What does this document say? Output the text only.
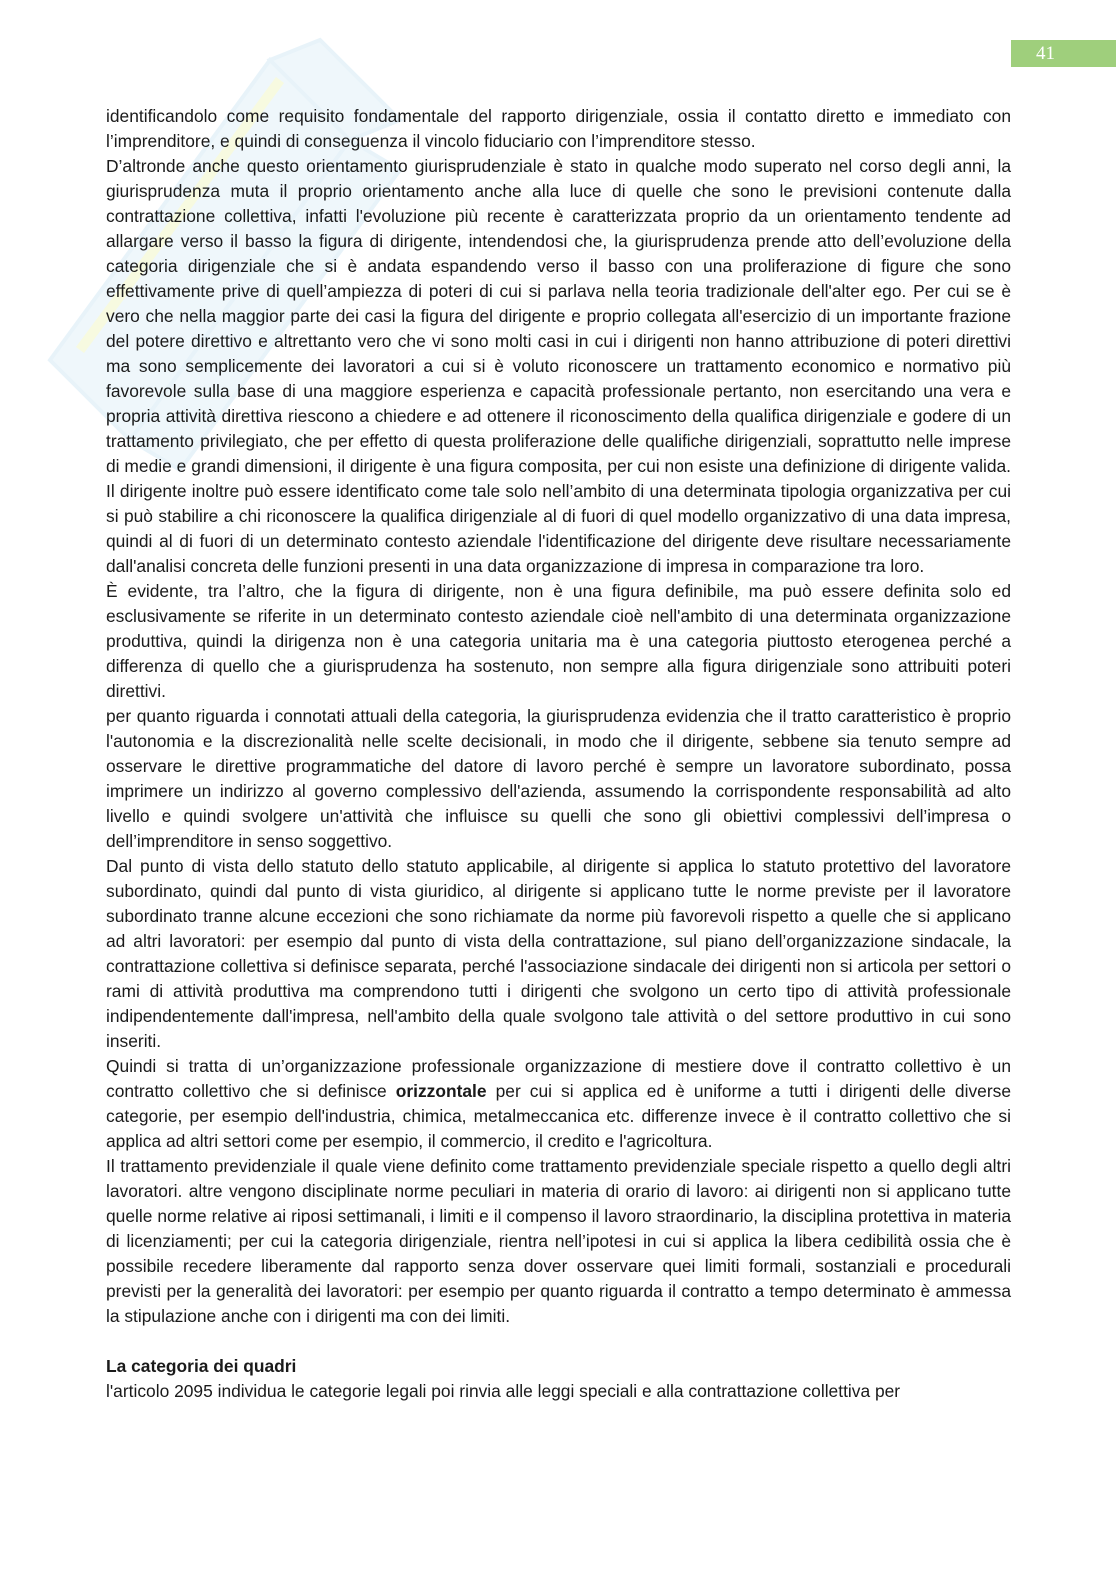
41

identificandolo come requisito fondamentale del rapporto dirigenziale, ossia il contatto diretto e immediato con l’imprenditore, e quindi di conseguenza il vincolo fiduciario con l’imprenditore stesso.

D’altronde anche questo orientamento giurisprudenziale è stato in qualche modo superato nel corso degli anni, la giurisprudenza muta il proprio orientamento anche alla luce di quelle che sono le previsioni contenute dalla contrattazione collettiva, infatti l'evoluzione più recente è caratterizzata proprio da un orientamento tendente ad allargare verso il basso la figura di dirigente, intendendosi che, la giurisprudenza prende atto dell’evoluzione della categoria dirigenziale che si è andata espandendo verso il basso con una proliferazione di figure che sono effettivamente prive di quell’ampiezza di poteri di cui si parlava nella teoria tradizionale dell'alter ego. Per cui se è vero che nella maggior parte dei casi la figura del dirigente e proprio collegata all'esercizio di un importante frazione del potere direttivo e altrettanto vero che vi sono molti casi in cui i dirigenti non hanno attribuzione di poteri direttivi ma sono semplicemente dei lavoratori a cui si è voluto riconoscere un trattamento economico e normativo più favorevole sulla base di una maggiore esperienza e capacità professionale pertanto, non esercitando una vera e propria attività direttiva riescono a chiedere e ad ottenere il riconoscimento della qualifica dirigenziale e godere di un trattamento privilegiato, che per effetto di questa proliferazione delle qualifiche dirigenziali, soprattutto nelle imprese di medie e grandi dimensioni, il dirigente è una figura composita, per cui non esiste una definizione di dirigente valida. Il dirigente inoltre può essere identificato come tale solo nell’ambito di una determinata tipologia organizzativa per cui si può stabilire a chi riconoscere la qualifica dirigenziale al di fuori di quel modello organizzativo di una data impresa, quindi al di fuori di un determinato contesto aziendale l'identificazione del dirigente deve risultare necessariamente dall'analisi concreta delle funzioni presenti in una data organizzazione di impresa in comparazione tra loro.

È evidente, tra l’altro, che la figura di dirigente, non è una figura definibile, ma può essere definita solo ed esclusivamente se riferite in un determinato contesto aziendale cioè nell'ambito di una determinata organizzazione produttiva, quindi la dirigenza non è una categoria unitaria ma è una categoria piuttosto eterogenea perché a differenza di quello che a giurisprudenza ha sostenuto, non sempre alla figura dirigenziale sono attribuiti poteri direttivi.

per quanto riguarda i connotati attuali della categoria, la giurisprudenza evidenzia che il tratto caratteristico è proprio l'autonomia e la discrezionalità nelle scelte decisionali, in modo che il dirigente, sebbene sia tenuto sempre ad osservare le direttive programmatiche del datore di lavoro perché è sempre un lavoratore subordinato, possa imprimere un indirizzo al governo complessivo dell'azienda, assumendo la corrispondente responsabilità ad alto livello e quindi svolgere un'attività che influisce su quelli che sono gli obiettivi complessivi dell’impresa o dell’imprenditore in senso soggettivo.

Dal punto di vista dello statuto dello statuto applicabile, al dirigente si applica lo statuto protettivo del lavoratore subordinato, quindi dal punto di vista giuridico, al dirigente si applicano tutte le norme previste per il lavoratore subordinato tranne alcune eccezioni che sono richiamate da norme più favorevoli rispetto a quelle che si applicano ad altri lavoratori: per esempio dal punto di vista della contrattazione, sul piano dell’organizzazione sindacale, la contrattazione collettiva si definisce separata, perché l'associazione sindacale dei dirigenti non si articola per settori o rami di attività produttiva ma comprendono tutti i dirigenti che svolgono un certo tipo di attività professionale indipendentemente dall'impresa, nell'ambito della quale svolgono tale attività o del settore produttivo in cui sono inseriti.

Quindi si tratta di un’organizzazione professionale organizzazione di mestiere dove il contratto collettivo è un contratto collettivo che si definisce orizzontale per cui si applica ed è uniforme a tutti i dirigenti delle diverse categorie, per esempio dell'industria, chimica, metalmeccanica etc. differenze invece è il contratto collettivo che si applica ad altri settori come per esempio, il commercio, il credito e l'agricoltura.

Il trattamento previdenziale il quale viene definito come trattamento previdenziale speciale rispetto a quello degli altri lavoratori. altre vengono disciplinate norme peculiari in materia di orario di lavoro: ai dirigenti non si applicano tutte quelle norme relative ai riposi settimanali, i limiti e il compenso il lavoro straordinario, la disciplina protettiva in materia di licenziamenti; per cui la categoria dirigenziale, rientra nell’ipotesi in cui si applica la libera cedibilità ossia che è possibile recedere liberamente dal rapporto senza dover osservare quei limiti formali, sostanziali e procedurali previsti per la generalità dei lavoratori: per esempio per quanto riguarda il contratto a tempo determinato è ammessa la stipulazione anche con i dirigenti ma con dei limiti.

La categoria dei quadri

l'articolo 2095 individua le categorie legali poi rinvia alle leggi speciali e alla contrattazione collettiva per
